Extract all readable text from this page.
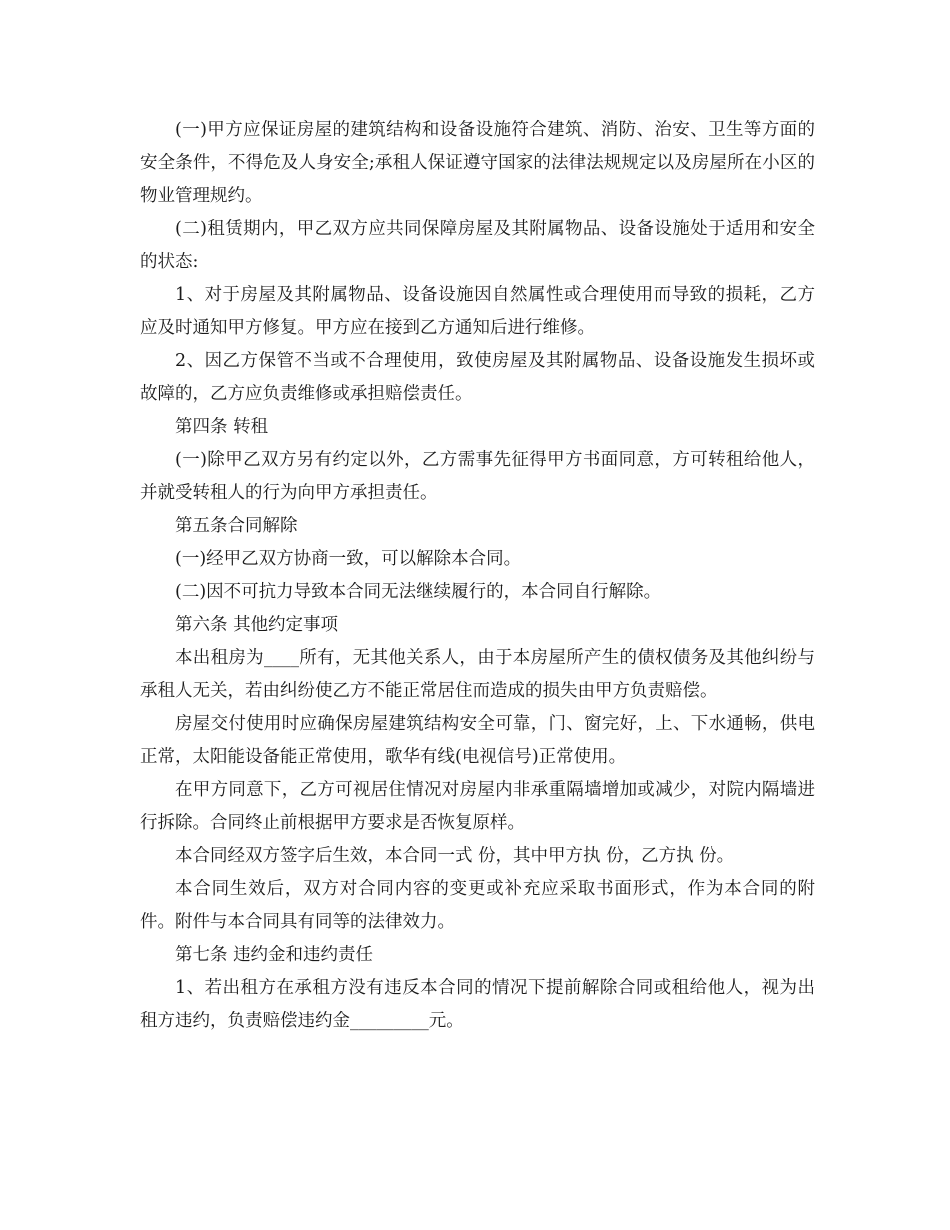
(一)甲方应保证房屋的建筑结构和设备设施符合建筑、消防、治安、卫生等方面的安全条件，不得危及人身安全;承租人保证遵守国家的法律法规规定以及房屋所在小区的物业管理规约。

(二)租赁期内，甲乙双方应共同保障房屋及其附属物品、设备设施处于适用和安全的状态:

1、对于房屋及其附属物品、设备设施因自然属性或合理使用而导致的损耗，乙方应及时通知甲方修复。甲方应在接到乙方通知后进行维修。

2、因乙方保管不当或不合理使用，致使房屋及其附属物品、设备设施发生损坏或故障的，乙方应负责维修或承担赔偿责任。

第四条 转租

(一)除甲乙双方另有约定以外，乙方需事先征得甲方书面同意，方可转租给他人，并就受转租人的行为向甲方承担责任。

第五条合同解除

(一)经甲乙双方协商一致，可以解除本合同。

(二)因不可抗力导致本合同无法继续履行的，本合同自行解除。

第六条 其他约定事项

本出租房为____所有，无其他关系人，由于本房屋所产生的债权债务及其他纠纷与承租人无关，若由纠纷使乙方不能正常居住而造成的损失由甲方负责赔偿。

房屋交付使用时应确保房屋建筑结构安全可靠，门、窗完好，上、下水通畅，供电正常，太阳能设备能正常使用，歌华有线(电视信号)正常使用。

在甲方同意下，乙方可视居住情况对房屋内非承重隔墙增加或减少，对院内隔墙进行拆除。合同终止前根据甲方要求是否恢复原样。

本合同经双方签字后生效，本合同一式 份，其中甲方执 份，乙方执 份。

本合同生效后，双方对合同内容的变更或补充应采取书面形式，作为本合同的附件。附件与本合同具有同等的法律效力。

第七条 违约金和违约责任

1、若出租方在承租方没有违反本合同的情况下提前解除合同或租给他人，视为出租方违约，负责赔偿违约金_________元。
